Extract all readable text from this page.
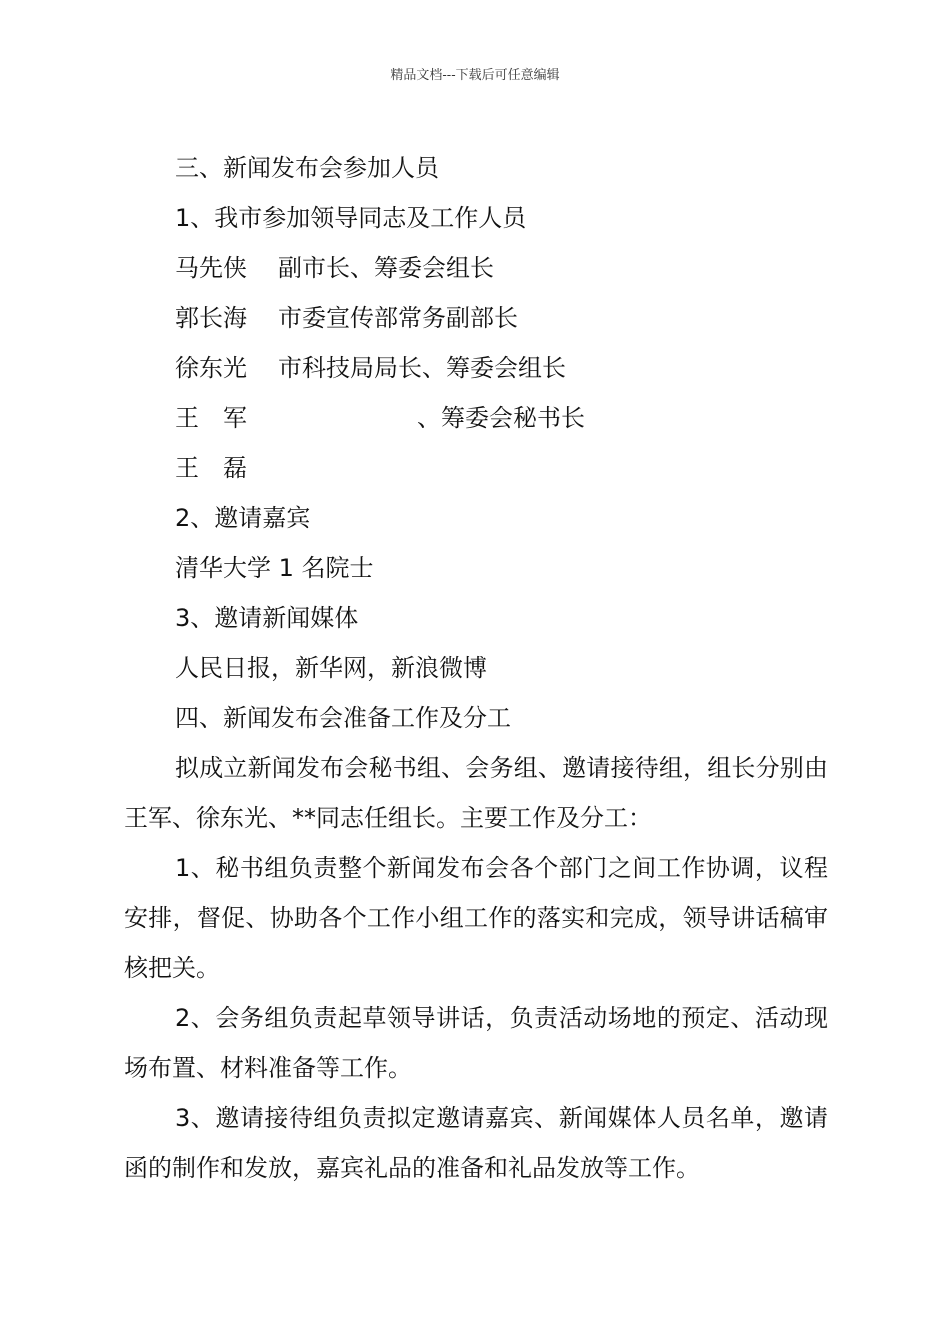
精品文档---下载后可任意编辑
三、新闻发布会参加人员
1、我市参加领导同志及工作人员
马先侠 副市长、筹委会组长
郭长海 市委宣传部常务副部长
徐东光 市科技局局长、筹委会组长
王　军	、筹委会秘书长
王　磊
2、邀请嘉宾
清华大学 1 名院士
3、邀请新闻媒体
人民日报，新华网，新浪微博
四、新闻发布会准备工作及分工
拟成立新闻发布会秘书组、会务组、邀请接待组，组长分别由王军、徐东光、**同志任组长。主要工作及分工：
1、秘书组负责整个新闻发布会各个部门之间工作协调，议程安排，督促、协助各个工作小组工作的落实和完成，领导讲话稿审核把关。
2、会务组负责起草领导讲话，负责活动场地的预定、活动现场布置、材料准备等工作。
3、邀请接待组负责拟定邀请嘉宾、新闻媒体人员名单，邀请函的制作和发放，嘉宾礼品的准备和礼品发放等工作。
